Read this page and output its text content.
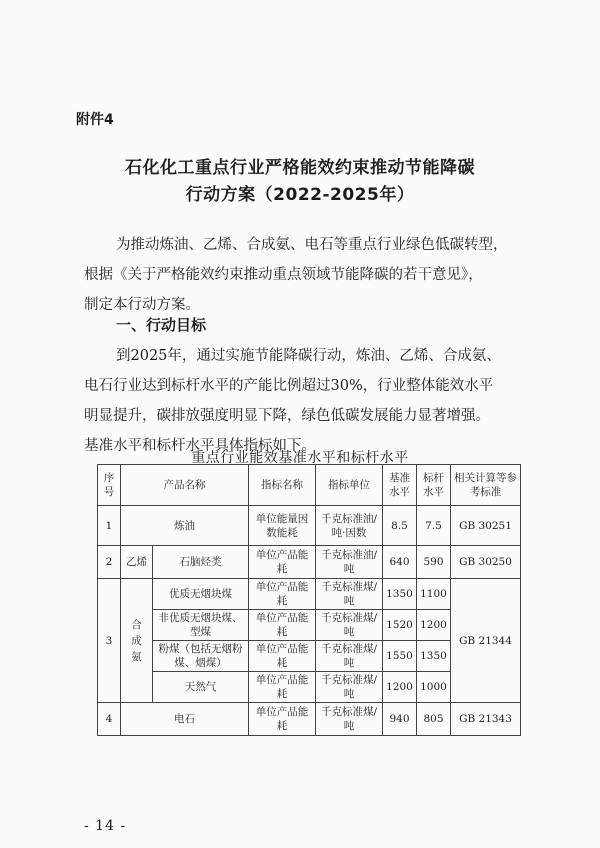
附件4
石化化工重点行业严格能效约束推动节能降碳
行动方案（2022-2025年）
为推动炼油、乙烯、合成氨、电石等重点行业绿色低碳转型，
根据《关于严格能效约束推动重点领域节能降碳的若干意见》，
制定本行动方案。
一、行动目标
到2025年，通过实施节能降碳行动，炼油、乙烯、合成氨、
电石行业达到标杆水平的产能比例超过30%，行业整体能效水平
明显提升，碳排放强度明显下降，绿色低碳发展能力显著增强。
基准水平和标杆水平具体指标如下。
重点行业能效基准水平和标杆水平
序号	产品名称		指标名称	指标单位	基准水平	标杆水平	相关计算等参考标准
1	炼油		单位能量因数能耗	千克标准油/吨·因数	8.5	7.5	GB 30251
2	乙烯	石脑烃类	单位产品能耗	千克标准油/吨	640	590	GB 30250
3	合成氨	优质无烟块煤	单位产品能耗	千克标准煤/吨	1350	1100	GB 21344
		非优质无烟块煤、型煤	单位产品能耗	千克标准煤/吨	1520	1200	
		粉煤（包括无烟粉煤、烟煤）	单位产品能耗	千克标准煤/吨	1550	1350	
		天然气	单位产品能耗	千克标准煤/吨	1200	1000	
4	电石		单位产品能耗	千克标准煤/吨	940	805	GB 21343
- 14 -
